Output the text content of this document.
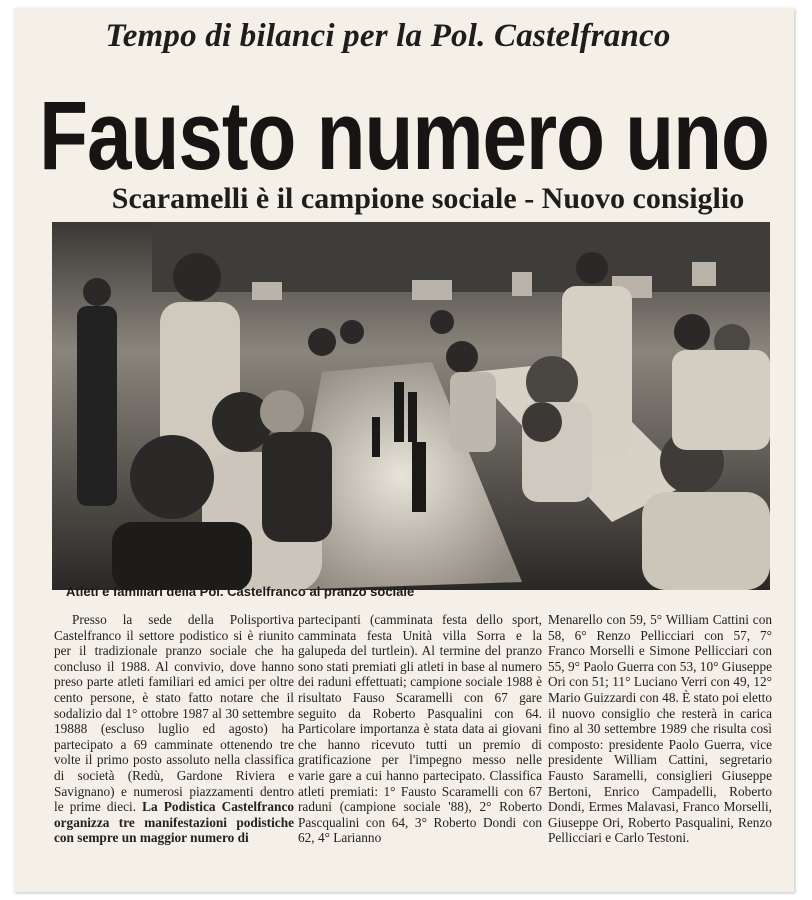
Tempo di bilanci per la Pol. Castelfranco
Fausto numero uno
Scaramelli è il campione sociale - Nuovo consiglio
Atleti e familiari della Pol. Castelfranco al pranzo sociale

Presso la sede della Polisportiva Castelfranco il settore podistico si è riunito per il tradizionale pranzo sociale che ha concluso il 1988. Al convivio, dove hanno preso parte atleti familiari ed amici per oltre cento persone, è stato fatto notare che il sodalizio dal 1° ottobre 1987 al 30 settembre 19888 (escluso luglio ed agosto) ha partecipato a 69 camminate ottenendo tre volte il primo posto assoluto nella classifica di società (Redù, Gardone Riviera e Savignano) e numerosi piazzamenti dentro le prime dieci. La Podistica Castelfranco organizza tre manifestazioni podistiche con sempre un maggior numero di

partecipanti (camminata festa dello sport, camminata festa Unità villa Sorra e la galupeda del turtlein). Al termine del pranzo sono stati premiati gli atleti in base al numero dei raduni effettuati; campione sociale 1988 è risultato Fauso Scaramelli con 67 gare seguito da Roberto Pasqualini con 64. Particolare importanza è stata data ai giovani che hanno ricevuto tutti un premio di gratificazione per l'impegno messo nelle varie gare a cui hanno partecipato. Classifica atleti premiati: 1° Fausto Scaramelli con 67 raduni (campione sociale '88), 2° Roberto Pascqualini con 64, 3° Roberto Dondi con 62, 4° Larianno

Menarello con 59, 5° William Cattini con 58, 6° Renzo Pellicciari con 57, 7° Franco Morselli e Simone Pellicciari con 55, 9° Paolo Guerra con 53, 10° Giuseppe Ori con 51; 11° Luciano Verri con 49, 12° Mario Guizzardi con 48. È stato poi eletto il nuovo consiglio che resterà in carica fino al 30 settembre 1989 che risulta così composto: presidente Paolo Guerra, vice presidente William Cattini, segretario Fausto Saramelli, consiglieri Giuseppe Bertoni, Enrico Campadelli, Roberto Dondi, Ermes Malavasi, Franco Morselli, Giuseppe Ori, Roberto Pasqualini, Renzo Pellicciari e Carlo Testoni.
